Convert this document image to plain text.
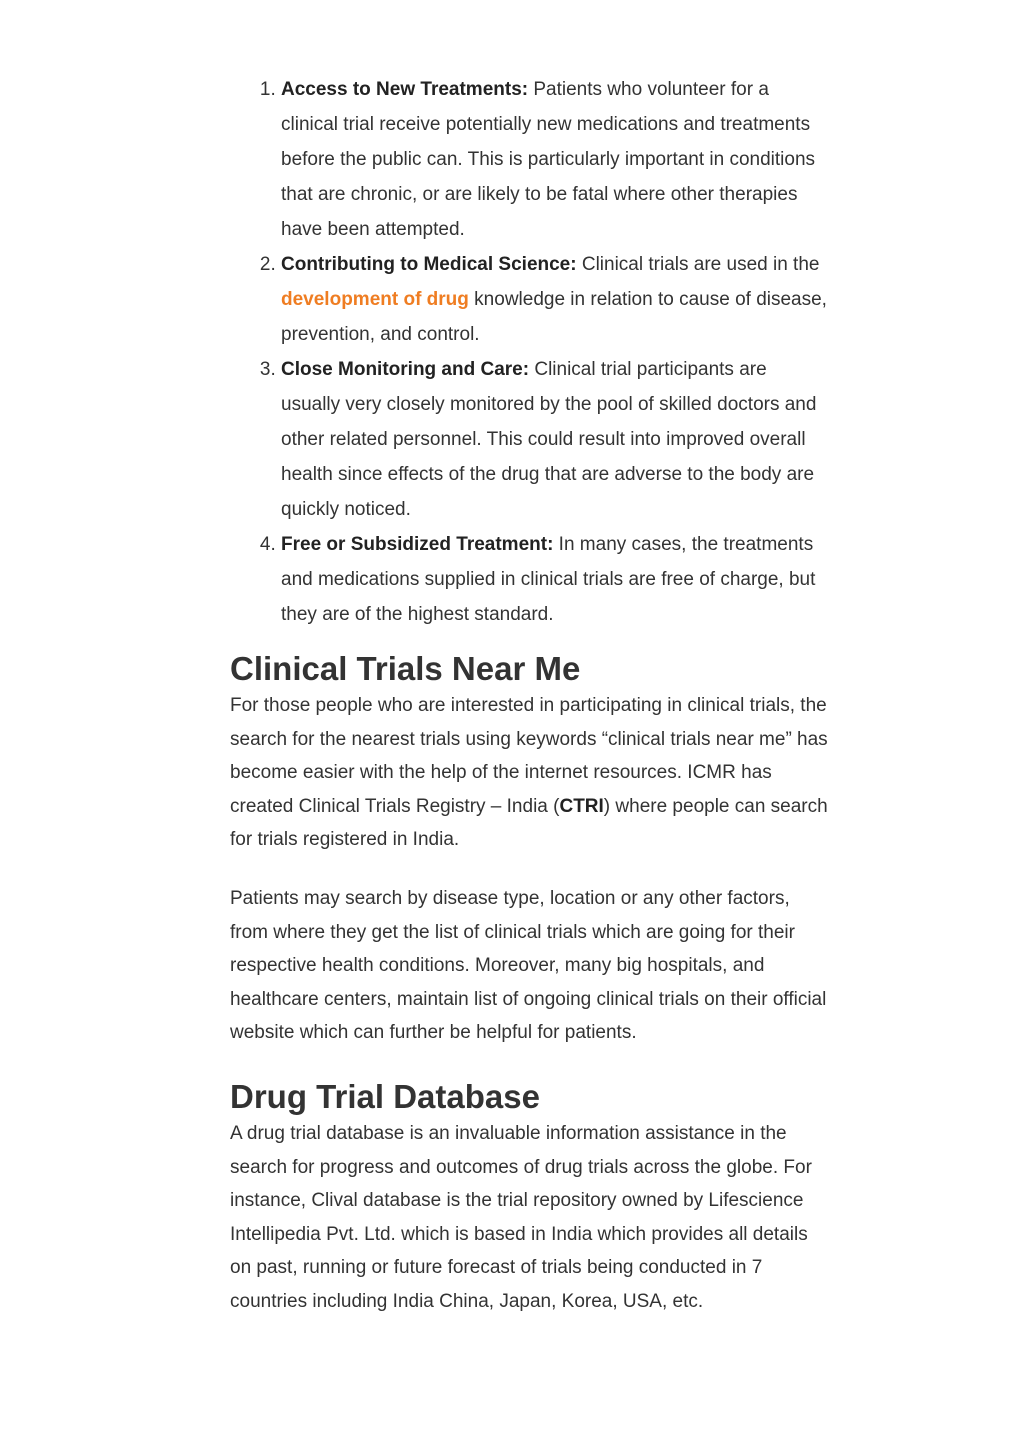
1. Access to New Treatments: Patients who volunteer for a clinical trial receive potentially new medications and treatments before the public can. This is particularly important in conditions that are chronic, or are likely to be fatal where other therapies have been attempted.
2. Contributing to Medical Science: Clinical trials are used in the development of drug knowledge in relation to cause of disease, prevention, and control.
3. Close Monitoring and Care: Clinical trial participants are usually very closely monitored by the pool of skilled doctors and other related personnel. This could result into improved overall health since effects of the drug that are adverse to the body are quickly noticed.
4. Free or Subsidized Treatment: In many cases, the treatments and medications supplied in clinical trials are free of charge, but they are of the highest standard.
Clinical Trials Near Me

For those people who are interested in participating in clinical trials, the search for the nearest trials using keywords “clinical trials near me” has become easier with the help of the internet resources. ICMR has created Clinical Trials Registry – India (CTRI) where people can search for trials registered in India.

Patients may search by disease type, location or any other factors, from where they get the list of clinical trials which are going for their respective health conditions. Moreover, many big hospitals, and healthcare centers, maintain list of ongoing clinical trials on their official website which can further be helpful for patients.

Drug Trial Database

A drug trial database is an invaluable information assistance in the search for progress and outcomes of drug trials across the globe. For instance, Clival database is the trial repository owned by Lifescience Intellipedia Pvt. Ltd. which is based in India which provides all details on past, running or future forecast of trials being conducted in 7 countries including India China, Japan, Korea, USA, etc.
